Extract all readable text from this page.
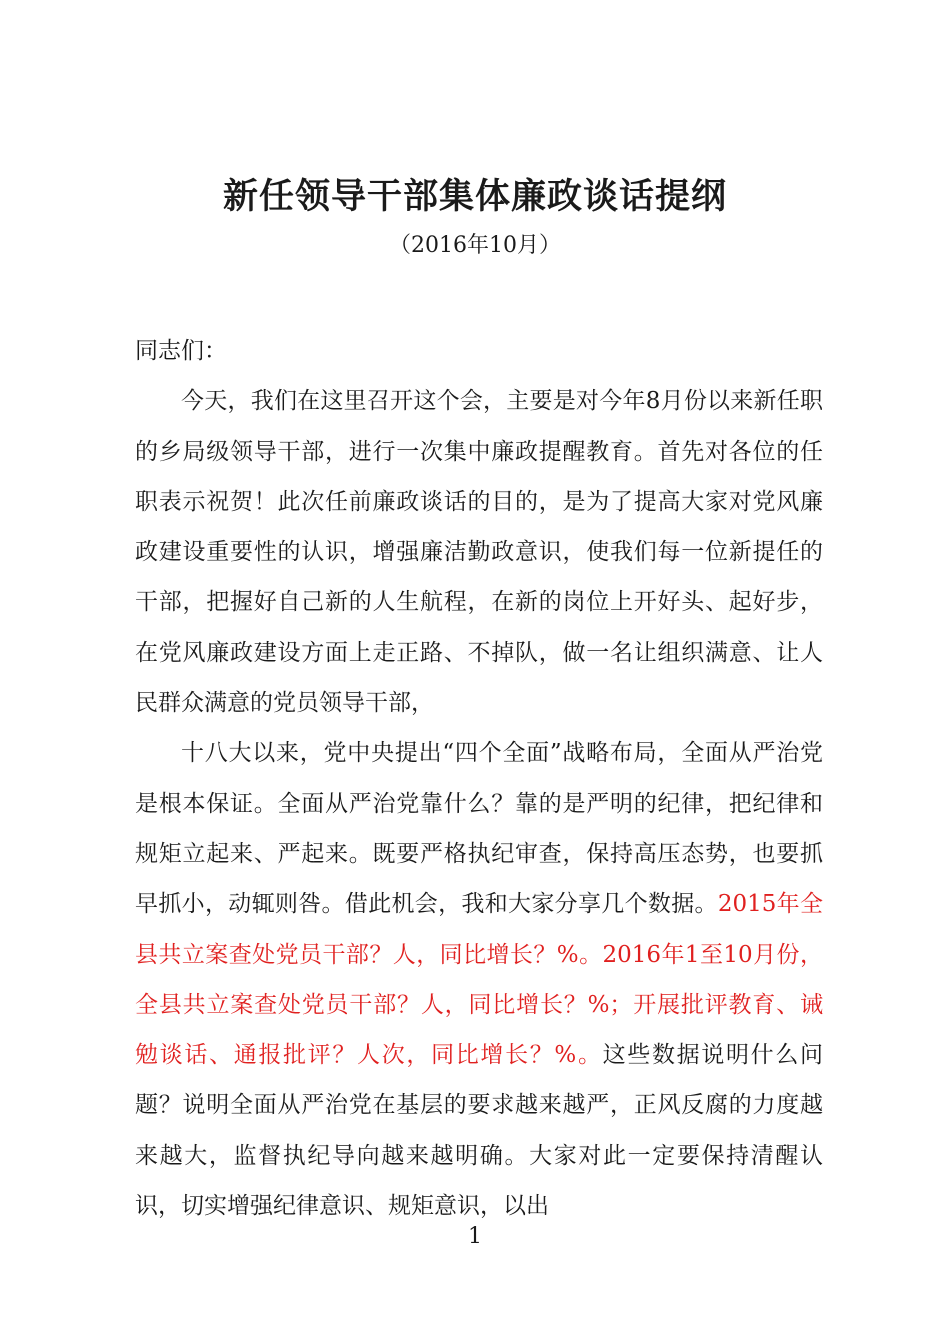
新任领导干部集体廉政谈话提纲
（2016年10月）

同志们：

今天，我们在这里召开这个会，主要是对今年8月份以来新任职的乡局级领导干部，进行一次集中廉政提醒教育。首先对各位的任职表示祝贺！此次任前廉政谈话的目的，是为了提高大家对党风廉政建设重要性的认识，增强廉洁勤政意识，使我们每一位新提任的干部，把握好自己新的人生航程，在新的岗位上开好头、起好步，在党风廉政建设方面上走正路、不掉队，做一名让组织满意、让人民群众满意的党员领导干部，

十八大以来，党中央提出“四个全面”战略布局，全面从严治党是根本保证。全面从严治党靠什么？靠的是严明的纪律，把纪律和规矩立起来、严起来。既要严格执纪审查，保持高压态势，也要抓早抓小，动辄则咎。借此机会，我和大家分享几个数据。2015年全县共立案查处党员干部？人，同比增长？%。2016年1至10月份，全县共立案查处党员干部？人，同比增长？%；开展批评教育、诫勉谈话、通报批评？人次，同比增长？%。这些数据说明什么问题？说明全面从严治党在基层的要求越来越严，正风反腐的力度越来越大，监督执纪导向越来越明确。大家对此一定要保持清醒认识，切实增强纪律意识、规矩意识，以出

1
